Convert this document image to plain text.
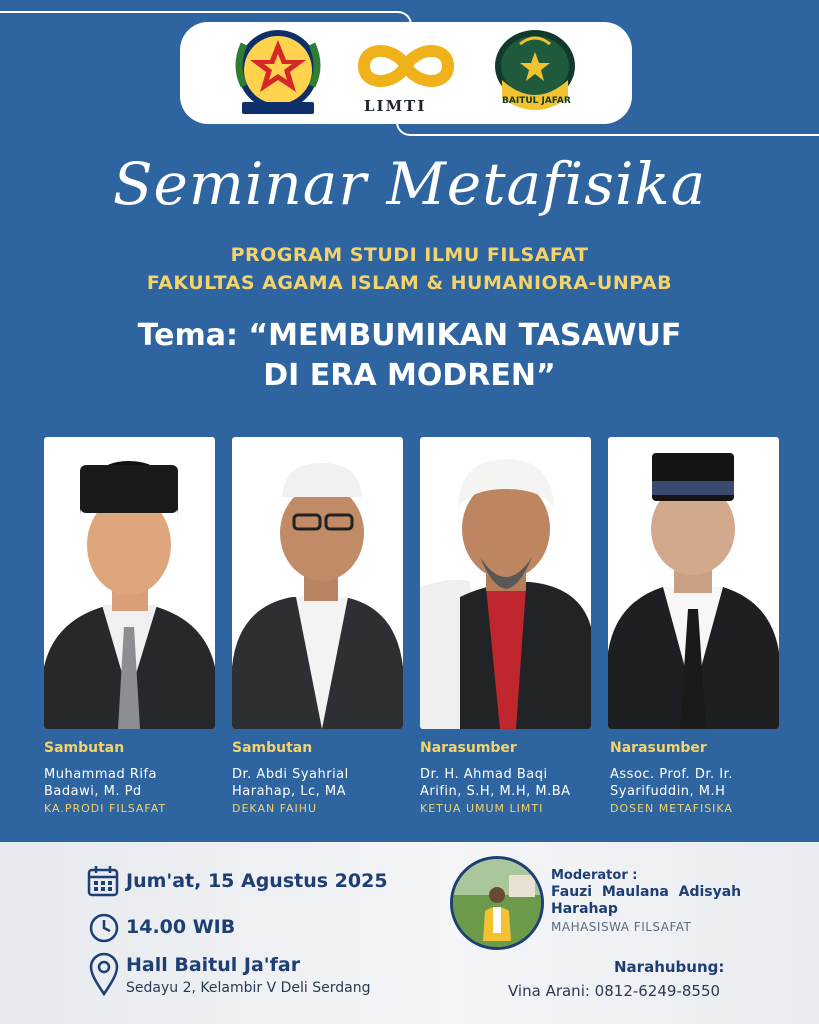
LIMTI	BAITUL JAFAR
Seminar Metafisika
PROGRAM STUDI ILMU FILSAFAT
FAKULTAS AGAMA ISLAM & HUMANIORA-UNPAB
Tema: “MEMBUMIKAN TASAWUF
DI ERA MODREN”
Sambutan
Muhammad Rifa
Badawi, M. Pd
KA.PRODI FILSAFAT
Sambutan
Dr. Abdi Syahrial
Harahap, Lc, MA
DEKAN FAIHU
Narasumber
Dr. H. Ahmad Baqi
Arifin, S.H, M.H, M.BA
KETUA UMUM LIMTI
Narasumber
Assoc. Prof. Dr. Ir.
Syarifuddin, M.H
DOSEN METAFISIKA
Jum'at, 15 Agustus 2025
14.00 WIB
Hall Baitul Ja'far
Sedayu 2, Kelambir V Deli Serdang
Moderator :
Fauzi  Maulana  Adisyah
Harahap
MAHASISWA FILSAFAT
Narahubung:
Vina Arani: 0812-6249-8550
